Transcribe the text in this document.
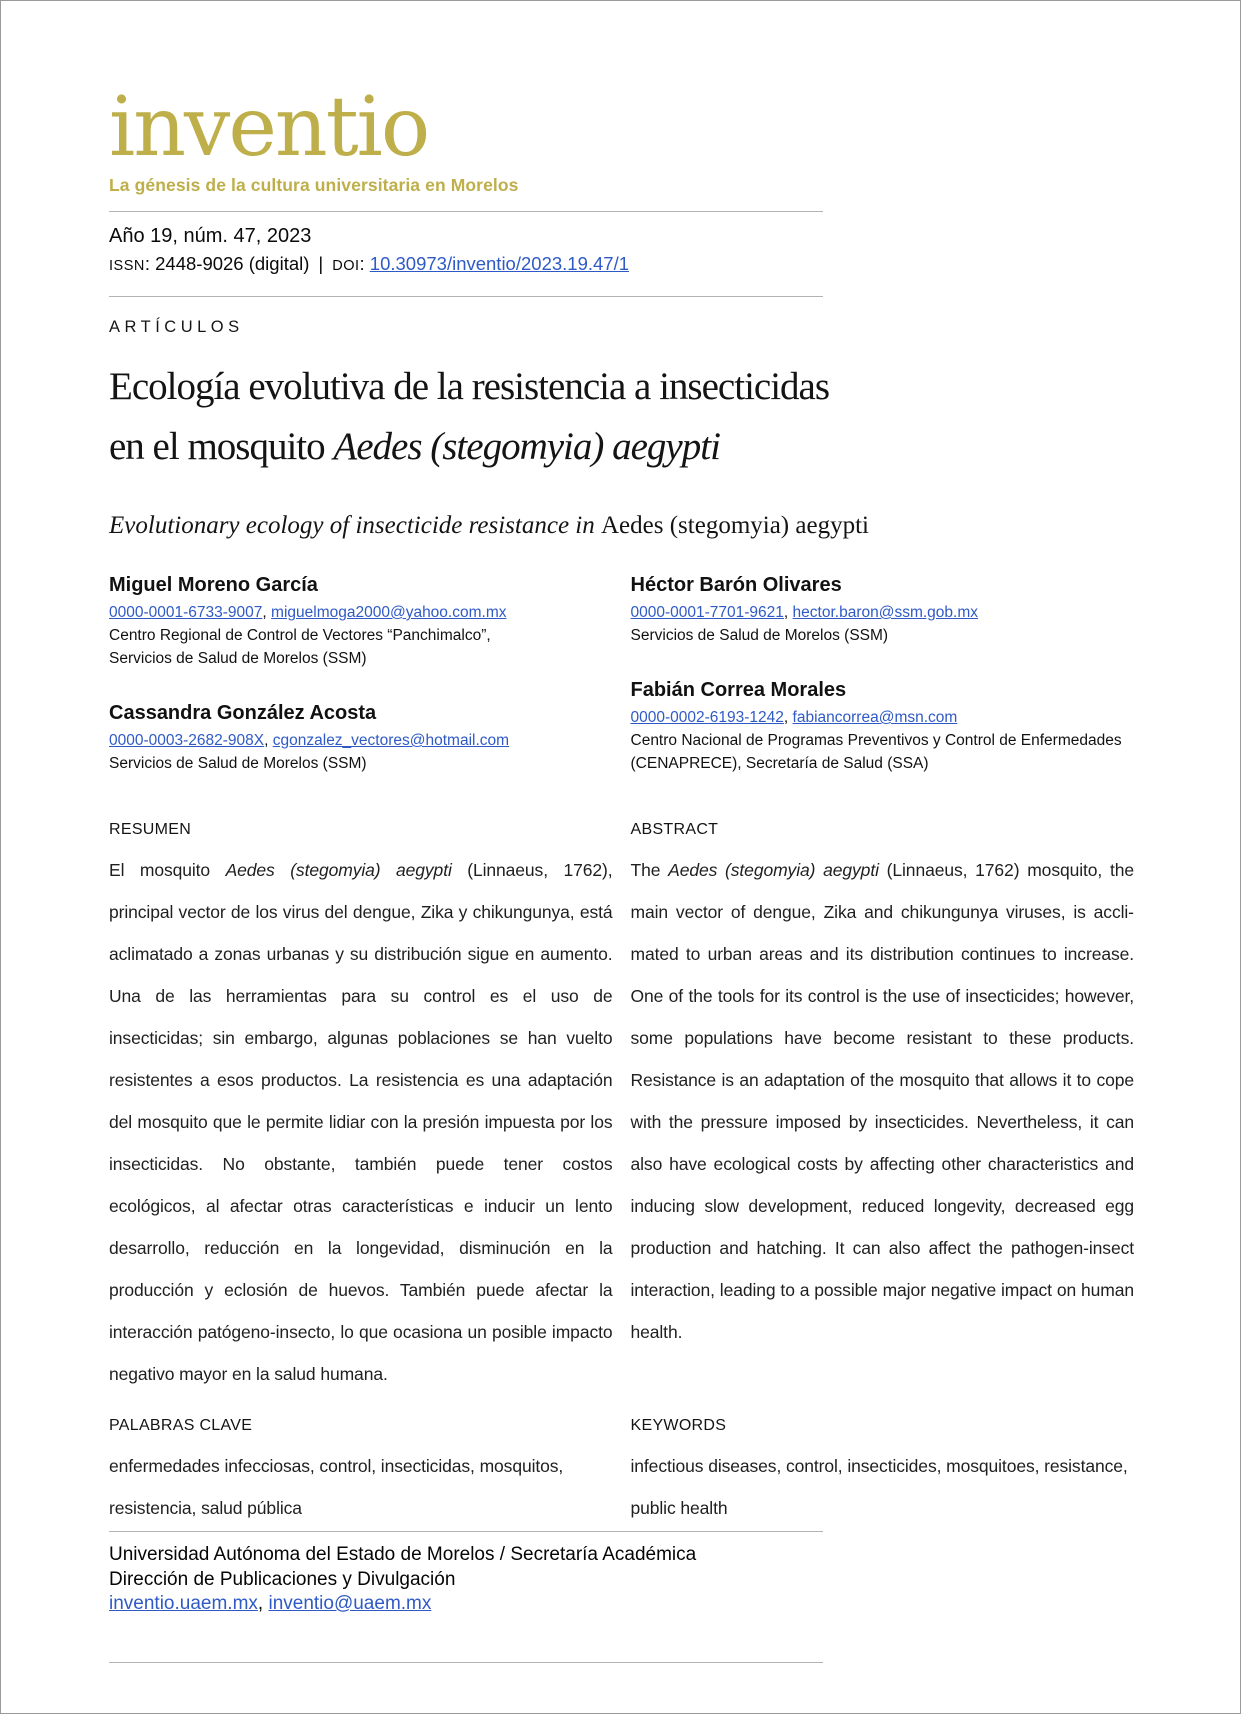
inventio
La génesis de la cultura universitaria en Morelos
Año 19, núm. 47, 2023
ISSN: 2448-9026 (digital) | DOI: 10.30973/inventio/2023.19.47/1
ARTÍCULOS
Ecología evolutiva de la resistencia a insecticidas
en el mosquito Aedes (stegomyia) aegypti
Evolutionary ecology of insecticide resistance in Aedes (stegomyia) aegypti
Miguel Moreno García
0000-0001-6733-9007, miguelmoga2000@yahoo.com.mx
Centro Regional de Control de Vectores “Panchimalco”,
Servicios de Salud de Morelos (SSM)
Cassandra González Acosta
0000-0003-2682-908X, cgonzalez_vectores@hotmail.com
Servicios de Salud de Morelos (SSM)
Héctor Barón Olivares
0000-0001-7701-9621, hector.baron@ssm.gob.mx
Servicios de Salud de Morelos (SSM)
Fabián Correa Morales
0000-0002-6193-1242, fabiancorrea@msn.com
Centro Nacional de Programas Preventivos y Control de Enfermedades
(CENAPRECE), Secretaría de Salud (SSA)
RESUMEN

El mosquito Aedes (stegomyia) aegypti (Linnaeus, 1762), principal vector de los virus del dengue, Zika y chikungunya, está aclimatado a zonas urbanas y su distribución sigue en aumento. Una de las herramientas para su control es el uso de insecticidas; sin embargo, algunas poblaciones se han vuelto resistentes a esos productos. La resistencia es una adaptación del mosquito que le permite lidiar con la presión impuesta por los insecticidas. No obstante, también puede tener costos ecológicos, al afectar otras características e inducir un lento desarrollo, reducción en la longevidad, disminución en la producción y eclosión de huevos. También puede afectar la interacción patógeno-insecto, lo que ocasiona un posible impacto negativo mayor en la salud humana.

ABSTRACT

The Aedes (stegomyia) aegypti (Linnaeus, 1762) mosquito, the main vector of dengue, Zika and chikungunya viruses, is acclimated to urban areas and its distribution continues to increase. One of the tools for its control is the use of insecticides; however, some populations have become resistant to these products. Resistance is an adaptation of the mosquito that allows it to cope with the pressure imposed by insecticides. Nevertheless, it can also have ecological costs by affecting other characteristics and inducing slow development, reduced longevity, decreased egg production and hatching. It can also affect the pathogen-insect interaction, leading to a possible major negative impact on human health.

PALABRAS CLAVE
enfermedades infecciosas, control, insecticidas, mosquitos, resistencia, salud pública
KEYWORDS
infectious diseases, control, insecticides, mosquitoes, resistance, public health
Universidad Autónoma del Estado de Morelos / Secretaría Académica
Dirección de Publicaciones y Divulgación
inventio.uaem.mx, inventio@uaem.mx
